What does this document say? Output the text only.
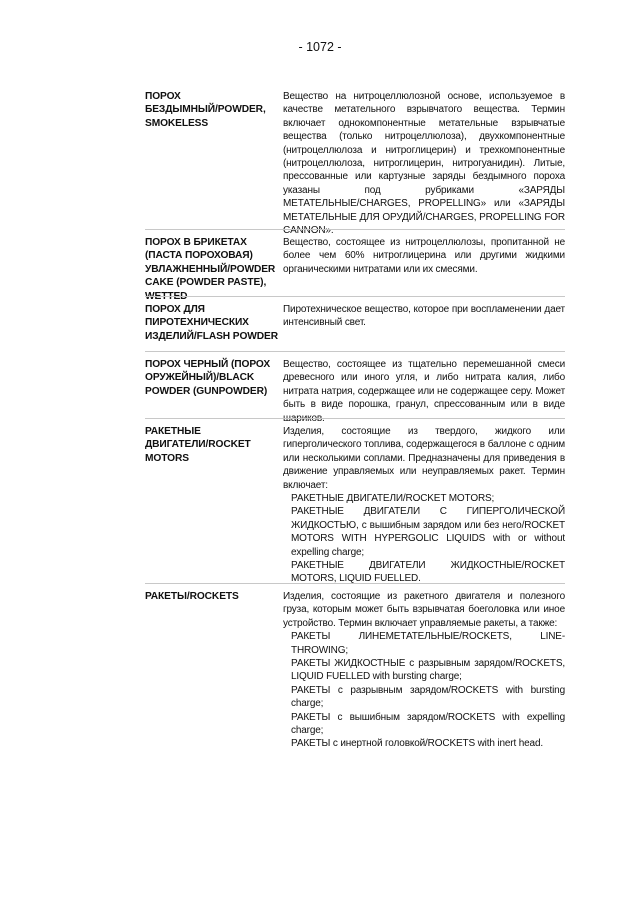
- 1072 -
ПОРОХ БЕЗДЫМНЫЙ/POWDER, SMOKELESS

Вещество на нитроцеллюлозной основе, используемое в качестве метательного взрывчатого вещества. Термин включает однокомпонентные метательные взрывчатые вещества (только нитроцеллюлоза), двухкомпонентные (нитроцеллюлоза и нитроглицерин) и трехкомпонентные (нитроцеллюлоза, нитроглицерин, нитрогуанидин). Литые, прессованные или картузные заряды бездымного пороха указаны под рубриками «ЗАРЯДЫ МЕТАТЕЛЬНЫЕ/CHARGES, PROPELLING» или «ЗАРЯДЫ МЕТАТЕЛЬНЫЕ ДЛЯ ОРУДИЙ/CHARGES, PROPELLING FOR CANNON».

ПОРОХ В БРИКЕТАХ (ПАСТА ПОРОХОВАЯ) УВЛАЖНЕННЫЙ/POWDER CAKE (POWDER PASTE), WETTED

Вещество, состоящее из нитроцеллюлозы, пропитанной не более чем 60% нитроглицерина или другими жидкими органическими нитратами или их смесями.

ПОРОХ ДЛЯ ПИРОТЕХНИЧЕСКИХ ИЗДЕЛИЙ/FLASH POWDER

Пиротехническое вещество, которое при воспламенении дает интенсивный свет.

ПОРОХ ЧЕРНЫЙ (ПОРОХ ОРУЖЕЙНЫЙ)/BLACK POWDER (GUNPOWDER)

Вещество, состоящее из тщательно перемешанной смеси древесного или иного угля, и либо нитрата калия, либо нитрата натрия, содержащее или не содержащее серу. Может быть в виде порошка, гранул, спрессованным или в виде шариков.

РАКЕТНЫЕ ДВИГАТЕЛИ/ROCKET MOTORS

Изделия, состоящие из твердого, жидкого или гиперголического топлива, содержащегося в баллоне с одним или несколькими соплами. Предназначены для приведения в движение управляемых или неуправляемых ракет. Термин включает:

РАКЕТНЫЕ ДВИГАТЕЛИ/ROCKET MOTORS;
РАКЕТНЫЕ ДВИГАТЕЛИ С ГИПЕРГОЛИЧЕСКОЙ ЖИДКОСТЬЮ, с вышибным зарядом или без него/ROCKET MOTORS WITH HYPERGOLIC LIQUIDS with or without expelling charge;
РАКЕТНЫЕ ДВИГАТЕЛИ ЖИДКОСТНЫЕ/ROCKET MOTORS, LIQUID FUELLED.
РАКЕТЫ/ROCKETS	Изделия, состоящие из ракетного двигателя и полезного груза, которым может быть взрывчатая боеголовка или иное устройство. Термин включает управляемые ракеты, а также:

РАКЕТЫ ЛИНЕМЕТАТЕЛЬНЫЕ/ROCKETS, LINE-THROWING;
РАКЕТЫ ЖИДКОСТНЫЕ с разрывным зарядом/ROCKETS, LIQUID FUELLED with bursting charge;
РАКЕТЫ с разрывным зарядом/ROCKETS with bursting charge;
РАКЕТЫ с вышибным зарядом/ROCKETS with expelling charge;
РАКЕТЫ с инертной головкой/ROCKETS with inert head.
